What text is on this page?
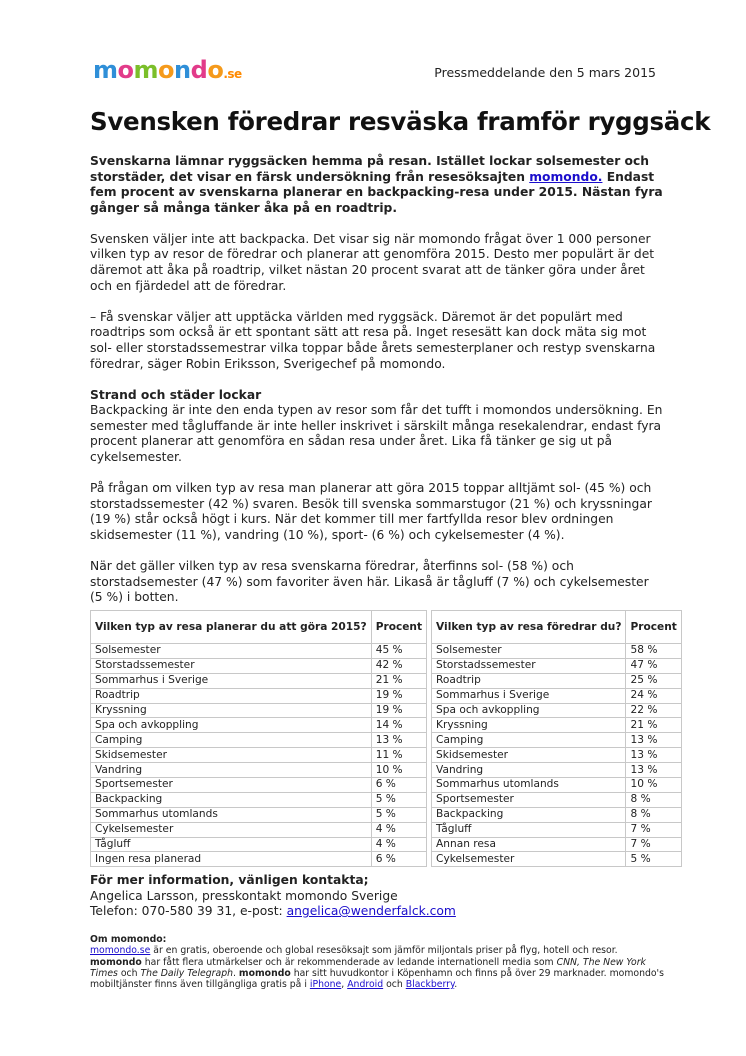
momondo.se	Pressmeddelande den 5 mars 2015
Svensken föredrar resväska framför ryggsäck

Svenskarna lämnar ryggsäcken hemma på resan. Istället lockar solsemester och storstäder, det visar en färsk undersökning från resesöksajten momondo. Endast fem procent av svenskarna planerar en backpacking-resa under 2015. Nästan fyra gånger så många tänker åka på en roadtrip.

Svensken väljer inte att backpacka. Det visar sig när momondo frågat över 1 000 personer vilken typ av resor de föredrar och planerar att genomföra 2015. Desto mer populärt är det däremot att åka på roadtrip, vilket nästan 20 procent svarat att de tänker göra under året och en fjärdedel att de föredrar.

– Få svenskar väljer att upptäcka världen med ryggsäck. Däremot är det populärt med roadtrips som också är ett spontant sätt att resa på. Inget resesätt kan dock mäta sig mot sol- eller storstadssemestrar vilka toppar både årets semesterplaner och restyp svenskarna föredrar, säger Robin Eriksson, Sverigechef på momondo.

Strand och städer lockar

Backpacking är inte den enda typen av resor som får det tufft i momondos undersökning. En semester med tågluffande är inte heller inskrivet i särskilt många resekalendrar, endast fyra procent planerar att genomföra en sådan resa under året. Lika få tänker ge sig ut på cykelsemester.

På frågan om vilken typ av resa man planerar att göra 2015 toppar alltjämt sol- (45 %) och storstadssemester (42 %) svaren. Besök till svenska sommarstugor (21 %) och kryssningar (19 %) står också högt i kurs. När det kommer till mer fartfyllda resor blev ordningen skidsemester (11 %), vandring (10 %), sport- (6 %) och cykelsemester (4 %).

När det gäller vilken typ av resa svenskarna föredrar, återfinns sol- (58 %) och storstadsemester (47 %) som favoriter även här. Likaså är tågluff (7 %) och cykelsemester (5 %) i botten.

Vilken typ av resa planerar du att göra 2015?	Procent
Solsemester	45 %
Storstadssemester	42 %
Sommarhus i Sverige	21 %
Roadtrip	19 %
Kryssning	19 %
Spa och avkoppling	14 %
Camping	13 %
Skidsemester	11 %
Vandring	10 %
Sportsemester	6 %
Backpacking	5 %
Sommarhus utomlands	5 %
Cykelsemester	4 %
Tågluff	4 %
Ingen resa planerad	6 %
Vilken typ av resa föredrar du?	Procent
Solsemester	58 %
Storstadssemester	47 %
Roadtrip	25 %
Sommarhus i Sverige	24 %
Spa och avkoppling	22 %
Kryssning	21 %
Camping	13 %
Skidsemester	13 %
Vandring	13 %
Sommarhus utomlands	10 %
Sportsemester	8 %
Backpacking	8 %
Tågluff	7 %
Annan resa	7 %
Cykelsemester	5 %
För mer information, vänligen kontakta;
Angelica Larsson, presskontakt momondo Sverige
Telefon: 070-580 39 31, e-post: angelica@wenderfalck.com
Om momondo:
momondo.se är en gratis, oberoende och global resesöksajt som jämför miljontals priser på flyg, hotell och resor. momondo har fått flera utmärkelser och är rekommenderade av ledande internationell media som CNN, The New York Times och The Daily Telegraph. momondo har sitt huvudkontor i Köpenhamn och finns på över 29 marknader. momondo's mobiltjänster finns även tillgängliga gratis på i iPhone, Android och Blackberry.
